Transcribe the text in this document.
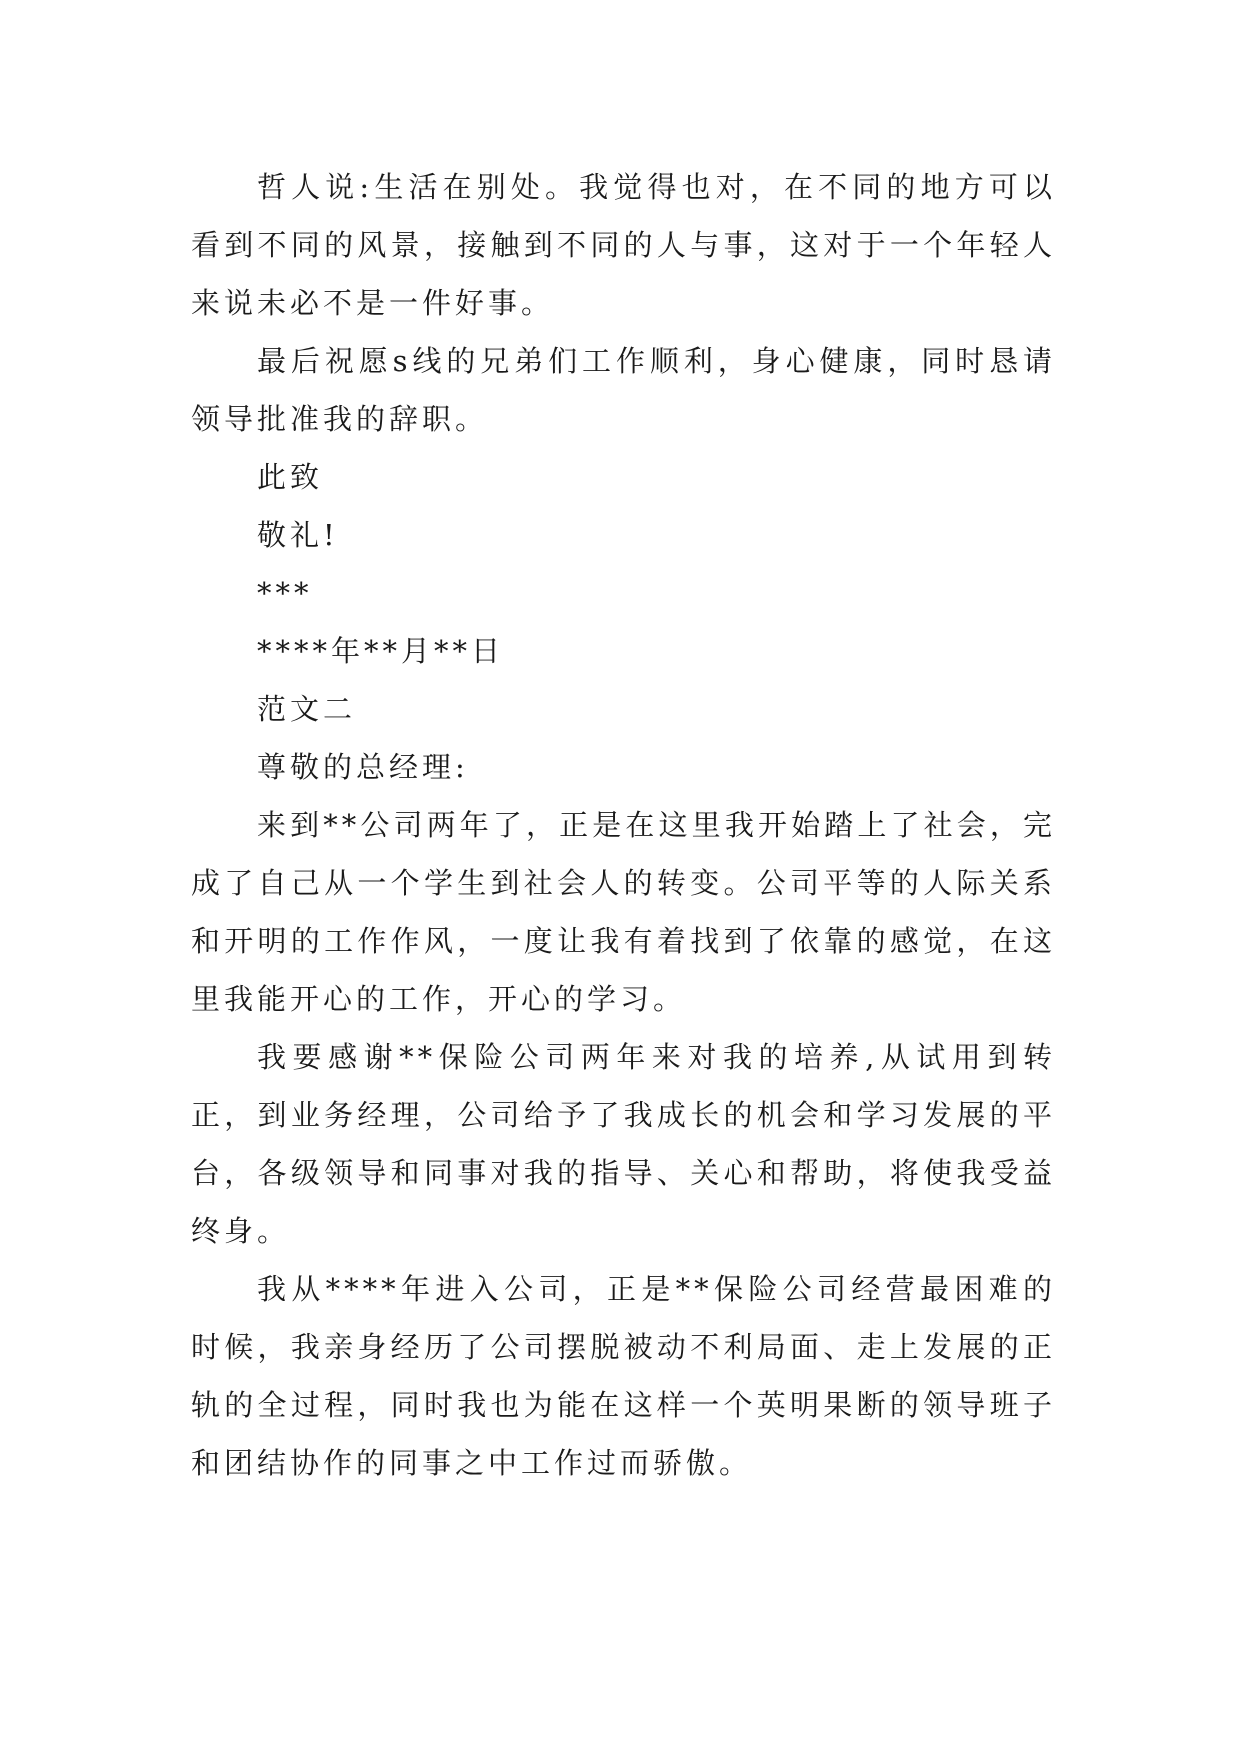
哲人说:生活在别处。我觉得也对，在不同的地方可以看到不同的风景，接触到不同的人与事，这对于一个年轻人来说未必不是一件好事。

最后祝愿s线的兄弟们工作顺利，身心健康，同时恳请领导批准我的辞职。

此致

敬礼!

***

****年**月**日

范文二

尊敬的总经理:

来到**公司两年了，正是在这里我开始踏上了社会，完成了自己从一个学生到社会人的转变。公司平等的人际关系和开明的工作作风，一度让我有着找到了依靠的感觉，在这里我能开心的工作，开心的学习。

我要感谢**保险公司两年来对我的培养,从试用到转正，到业务经理，公司给予了我成长的机会和学习发展的平台，各级领导和同事对我的指导、关心和帮助，将使我受益终身。

我从****年进入公司，正是**保险公司经营最困难的时候，我亲身经历了公司摆脱被动不利局面、走上发展的正轨的全过程，同时我也为能在这样一个英明果断的领导班子和团结协作的同事之中工作过而骄傲。
